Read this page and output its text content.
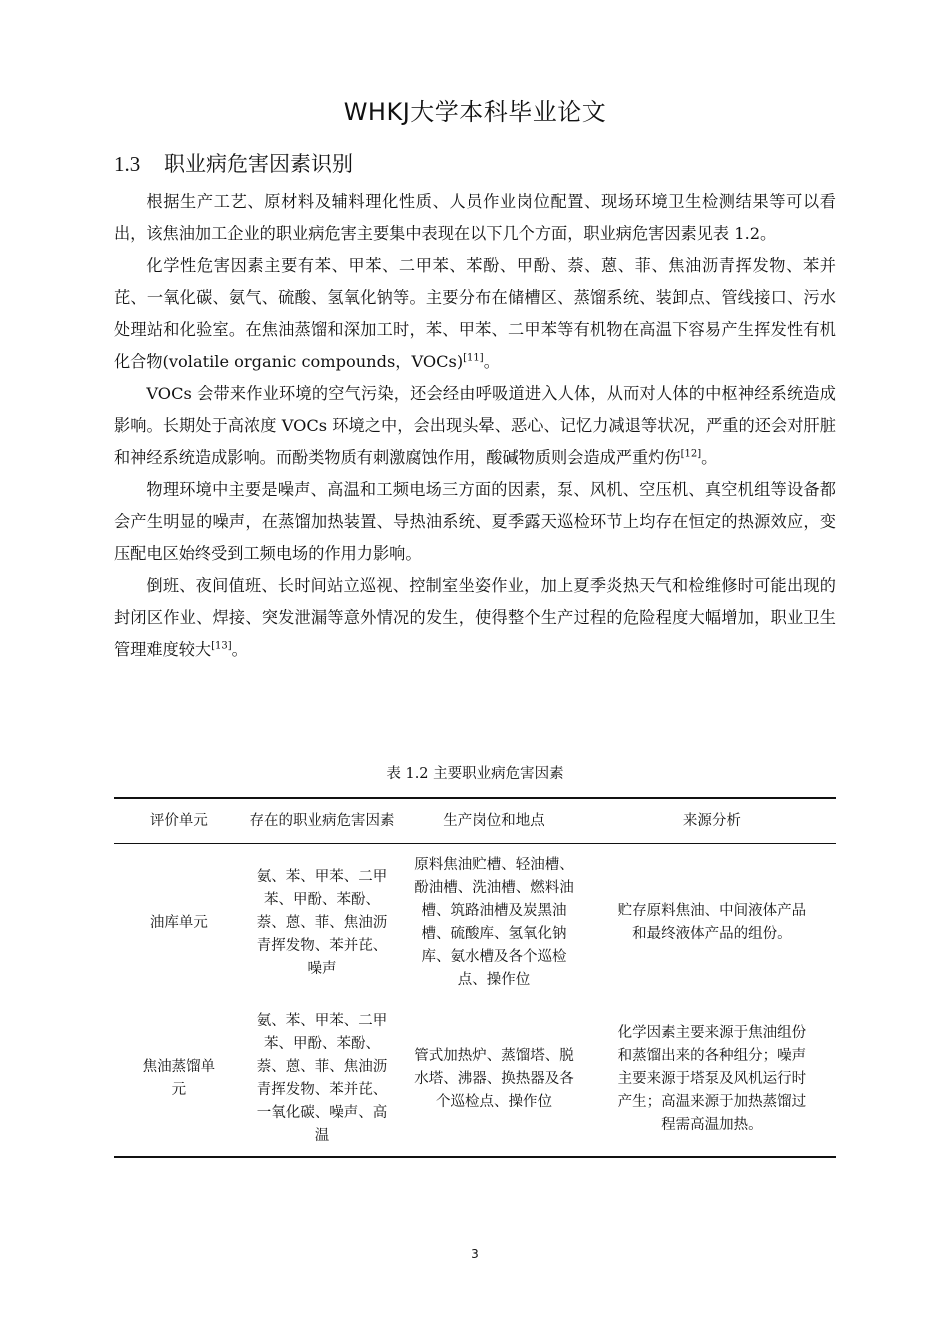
WHKJ大学本科毕业论文
1.3 职业病危害因素识别

根据生产工艺、原材料及辅料理化性质、人员作业岗位配置、现场环境卫生检测结果等可以看出，该焦油加工企业的职业病危害主要集中表现在以下几个方面，职业病危害因素见表 1.2。

化学性危害因素主要有苯、甲苯、二甲苯、苯酚、甲酚、萘、蒽、菲、焦油沥青挥发物、苯并芘、一氧化碳、氨气、硫酸、氢氧化钠等。主要分布在储槽区、蒸馏系统、装卸点、管线接口、污水处理站和化验室。在焦油蒸馏和深加工时，苯、甲苯、二甲苯等有机物在高温下容易产生挥发性有机化合物(volatile organic compounds，VOCs)[11]。

VOCs 会带来作业环境的空气污染，还会经由呼吸道进入人体，从而对人体的中枢神经系统造成影响。长期处于高浓度 VOCs 环境之中，会出现头晕、恶心、记忆力减退等状况，严重的还会对肝脏和神经系统造成影响。而酚类物质有刺激腐蚀作用，酸碱物质则会造成严重灼伤[12]。

物理环境中主要是噪声、高温和工频电场三方面的因素，泵、风机、空压机、真空机组等设备都会产生明显的噪声，在蒸馏加热装置、导热油系统、夏季露天巡检环节上均存在恒定的热源效应，变压配电区始终受到工频电场的作用力影响。

倒班、夜间值班、长时间站立巡视、控制室坐姿作业，加上夏季炎热天气和检维修时可能出现的封闭区作业、焊接、突发泄漏等意外情况的发生，使得整个生产过程的危险程度大幅增加，职业卫生管理难度较大[13]。

表 1.2 主要职业病危害因素
评价单元	存在的职业病危害因素	生产岗位和地点	来源分析
油库单元	氨、苯、甲苯、二甲苯、甲酚、苯酚、萘、蒽、菲、焦油沥青挥发物、苯并芘、噪声	原料焦油贮槽、轻油槽、酚油槽、洗油槽、燃料油槽、筑路油槽及炭黑油槽、硫酸库、氢氧化钠库、氨水槽及各个巡检点、操作位	贮存原料焦油、中间液体产品和最终液体产品的组份。
焦油蒸馏单元	氨、苯、甲苯、二甲苯、甲酚、苯酚、萘、蒽、菲、焦油沥青挥发物、苯并芘、一氧化碳、噪声、高温	管式加热炉、蒸馏塔、脱水塔、沸器、换热器及各个巡检点、操作位	化学因素主要来源于焦油组份和蒸馏出来的各种组分；噪声主要来源于塔泵及风机运行时产生；高温来源于加热蒸馏过程需高温加热。
3
